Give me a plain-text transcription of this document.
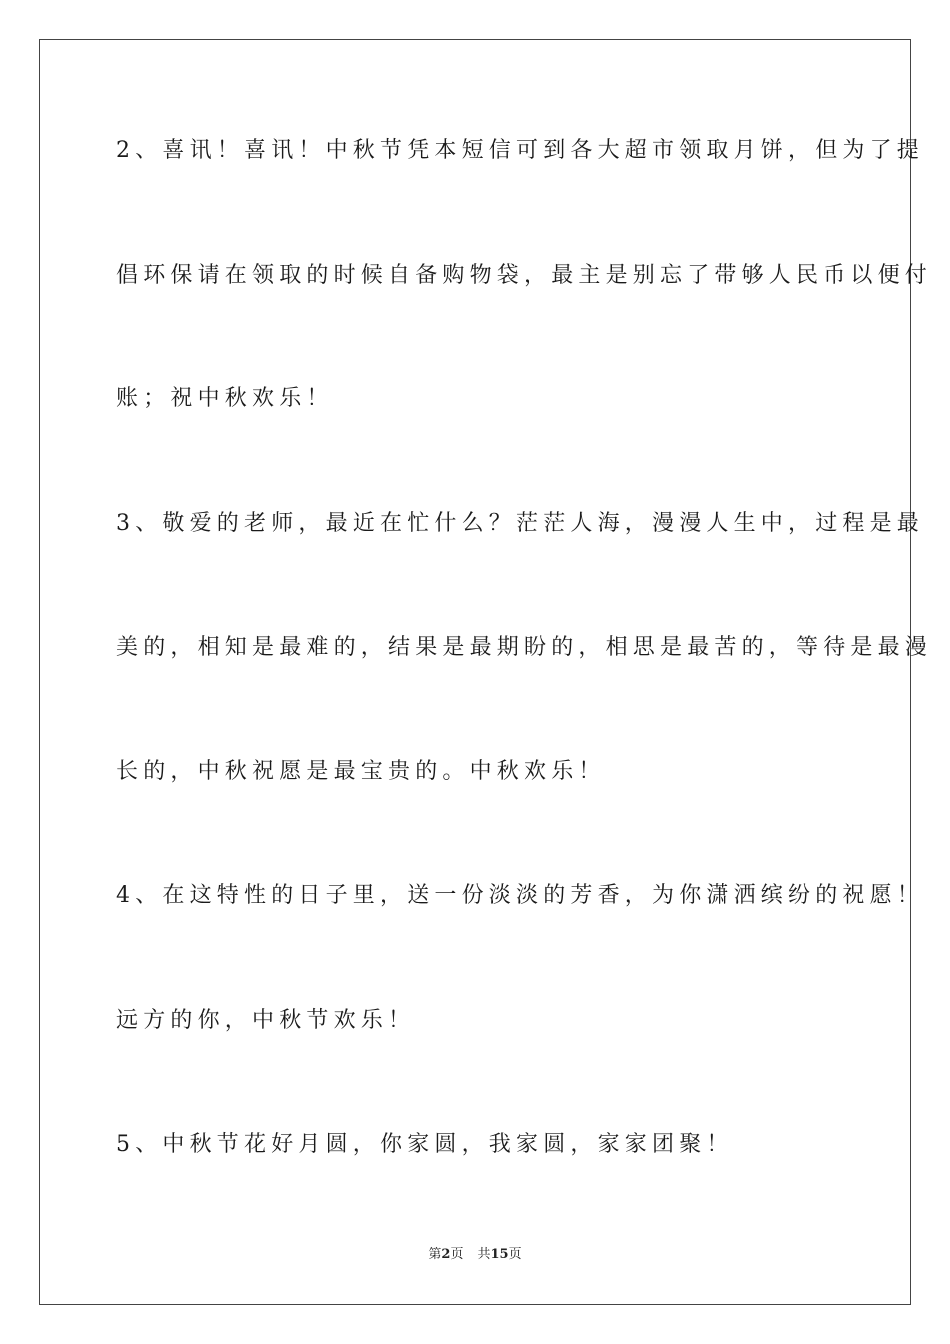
2、喜讯！喜讯！中秋节凭本短信可到各大超市领取月饼，但为了提
倡环保请在领取的时候自备购物袋，最主是别忘了带够人民币以便付
账；祝中秋欢乐！
3、敬爱的老师，最近在忙什么？茫茫人海，漫漫人生中，过程是最
美的，相知是最难的，结果是最期盼的，相思是最苦的，等待是最漫
长的，中秋祝愿是最宝贵的。中秋欢乐！
4、在这特性的日子里，送一份淡淡的芳香，为你潇洒缤纷的祝愿！
远方的你，中秋节欢乐！
5、中秋节花好月圆，你家圆，我家圆，家家团聚！
第2页 共15页
